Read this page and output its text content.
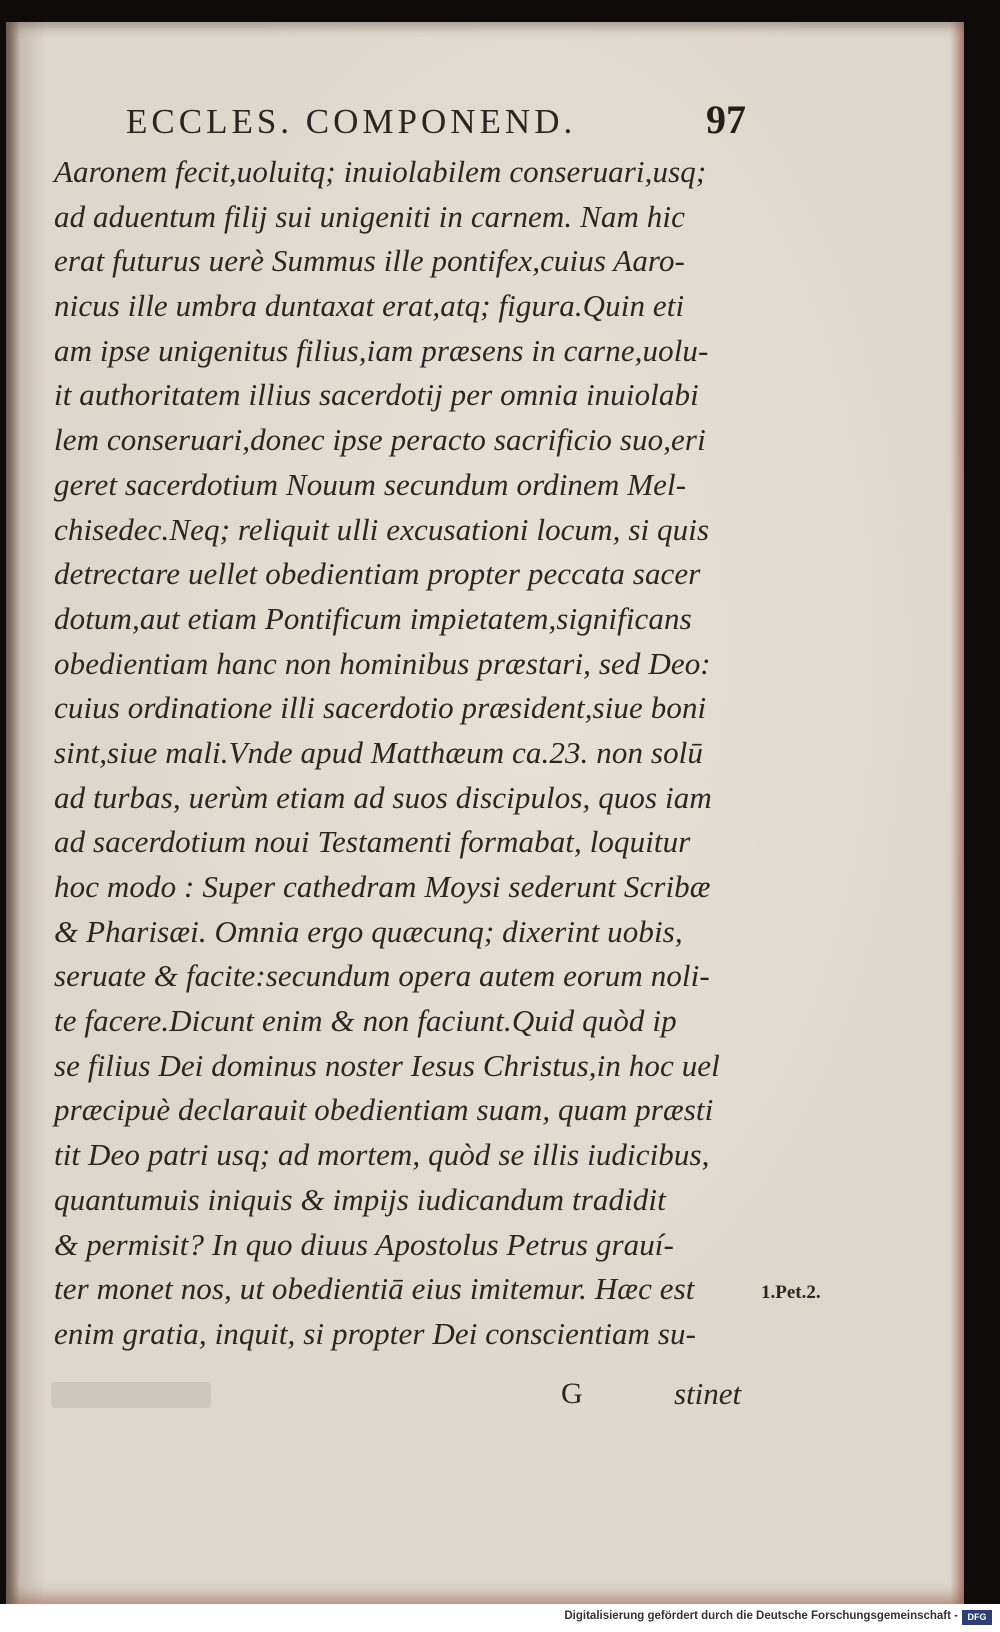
ECCLES. COMPONEND.	97
Aaronem fecit,uoluitq; inuiolabilem conseruari,usq;
ad aduentum filij sui unigeniti in carnem. Nam hic
erat futurus uerè Summus ille pontifex,cuius Aaro-
nicus ille umbra duntaxat erat,atq; figura.Quin eti
am ipse unigenitus filius,iam præsens in carne,uolu-
it authoritatem illius sacerdotij per omnia inuiolabi
lem conseruari,donec ipse peracto sacrificio suo,eri
geret sacerdotium Nouum secundum ordinem Mel-
chisedec.Neq; reliquit ulli excusationi locum, si quis
detrectare uellet obedientiam propter peccata sacer
dotum,aut etiam Pontificum impietatem,significans
obedientiam hanc non hominibus præstari, sed Deo:
cuius ordinatione illi sacerdotio præsident,siue boni
sint,siue mali.Vnde apud Matthæum ca.23. non solū
ad turbas, uerùm etiam ad suos discipulos, quos iam
ad sacerdotium noui Testamenti formabat, loquitur
hoc modo : Super cathedram Moysi sederunt Scribæ
& Pharisæi. Omnia ergo quæcunq; dixerint uobis,
seruate & facite:secundum opera autem eorum noli-
te facere.Dicunt enim & non faciunt.Quid quòd ip
se filius Dei dominus noster Iesus Christus,in hoc uel
præcipuè declarauit obedientiam suam, quam præsti
tit Deo patri usq; ad mortem, quòd se illis iudicibus,
quantumuis iniquis & impijs iudicandum tradidit
& permisit? In quo diuus Apostolus Petrus grauí-
ter monet nos, ut obedientiā eius imitemur. Hæc est
enim gratia, inquit, si propter Dei conscientiam su-
1.Pet.2.
G	stinet
Digitalisierung gefördert durch die Deutsche Forschungsgemeinschaft -	DFG
